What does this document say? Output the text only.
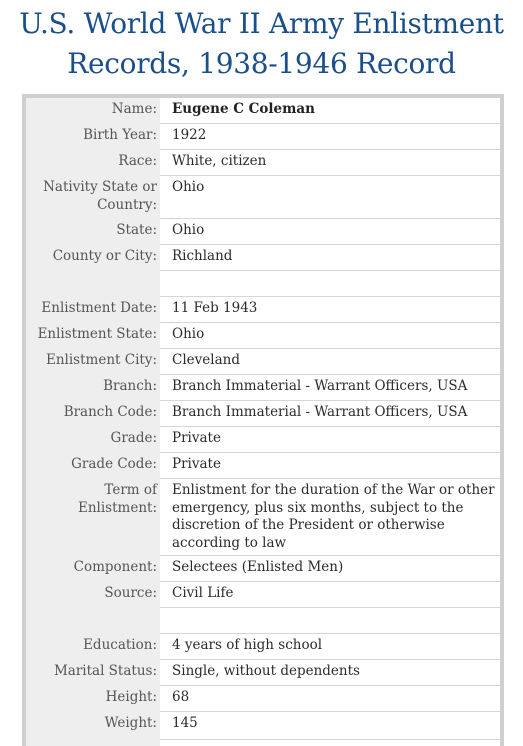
U.S. World War II Army Enlistment
Records, 1938-1946 Record
Name:	Eugene C Coleman
Birth Year:	1922
Race:	White, citizen
Nativity State or Country:	Ohio
State:	Ohio
County or City:	Richland

Enlistment Date:	11 Feb 1943
Enlistment State:	Ohio
Enlistment City:	Cleveland
Branch:	Branch Immaterial - Warrant Officers, USA
Branch Code:	Branch Immaterial - Warrant Officers, USA
Grade:	Private
Grade Code:	Private
Term of Enlistment:	Enlistment for the duration of the War or other emergency, plus six months, subject to the discretion of the President or otherwise according to law
Component:	Selectees (Enlisted Men)
Source:	Civil Life

Education:	4 years of high school
Marital Status:	Single, without dependents
Height:	68
Weight:	145
